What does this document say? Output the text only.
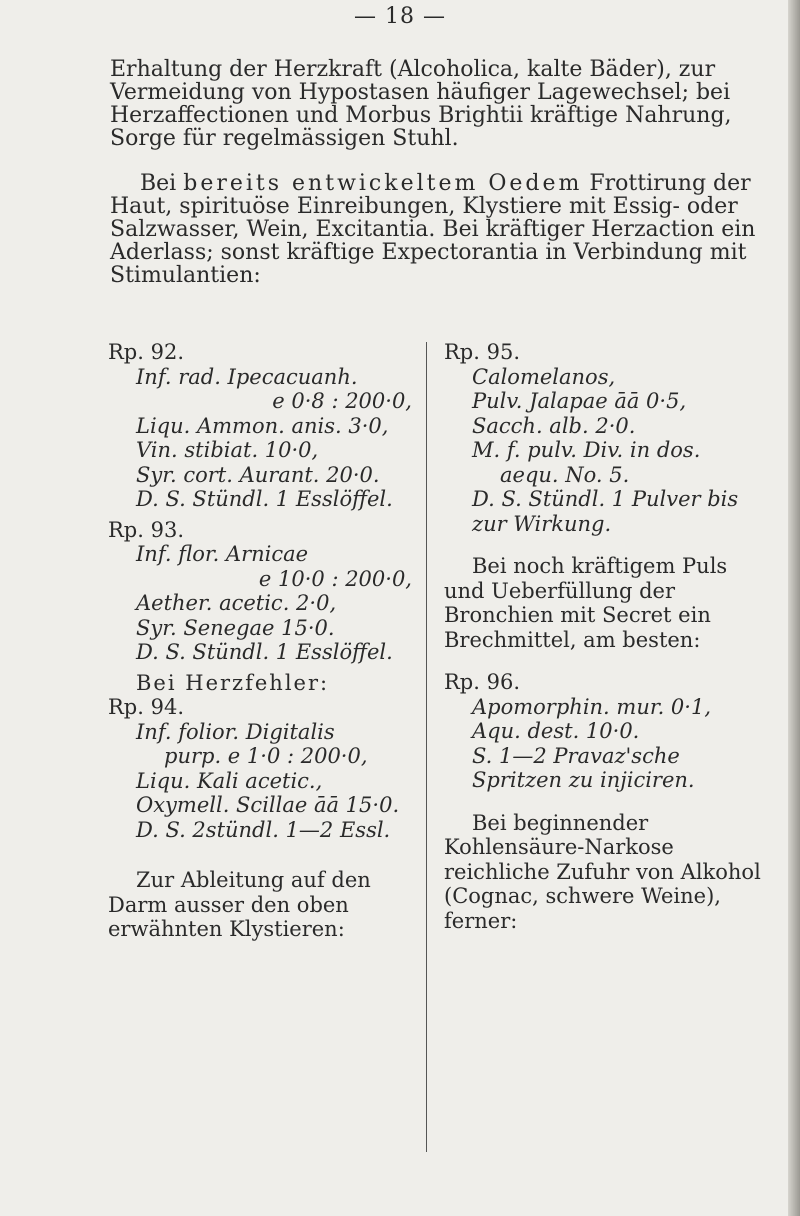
— 18 —

Erhaltung der Herzkraft (Alcoholica, kalte Bäder), zur Vermeidung von Hypostasen häufiger Lagewechsel; bei Herzaffectionen und Morbus Brightii kräftige Nahrung, Sorge für regelmässigen Stuhl.

Bei bereits entwickeltem Oedem Frottirung der Haut, spirituöse Einreibungen, Klystiere mit Essig- oder Salzwasser, Wein, Excitantia. Bei kräftiger Herzaction ein Aderlass; sonst kräftige Expectorantia in Verbindung mit Stimulantien:

Rp. 92.

Inf. rad. Ipecacuanh.

e 0·8 : 200·0,

Liqu. Ammon. anis. 3·0,

Vin. stibiat. 10·0,

Syr. cort. Aurant. 20·0.

D. S. Stündl. 1 Esslöffel.

Rp. 93.

Inf. flor. Arnicae

e 10·0 : 200·0,

Aether. acetic. 2·0,

Syr. Senegae 15·0.

D. S. Stündl. 1 Esslöffel.

Bei Herzfehler:

Rp. 94.

Inf. folior. Digitalis

purp. e 1·0 : 200·0,

Liqu. Kali acetic.,

Oxymell. Scillae āā 15·0.

D. S. 2stündl. 1—2 Essl.

Zur Ableitung auf den Darm ausser den oben erwähnten Klystieren:

Rp. 95.

Calomelanos,

Pulv. Jalapae āā 0·5,

Sacch. alb. 2·0.

M. f. pulv. Div. in dos.

aequ. No. 5.

D. S. Stündl. 1 Pulver bis zur Wirkung.

Bei noch kräftigem Puls und Ueberfüllung der Bronchien mit Secret ein Brechmittel, am besten:

Rp. 96.

Apomorphin. mur. 0·1,

Aqu. dest. 10·0.

S. 1—2 Pravaz'sche Spritzen zu injiciren.

Bei beginnender Kohlensäure-Narkose reichliche Zufuhr von Alkohol (Cognac, schwere Weine), ferner:
